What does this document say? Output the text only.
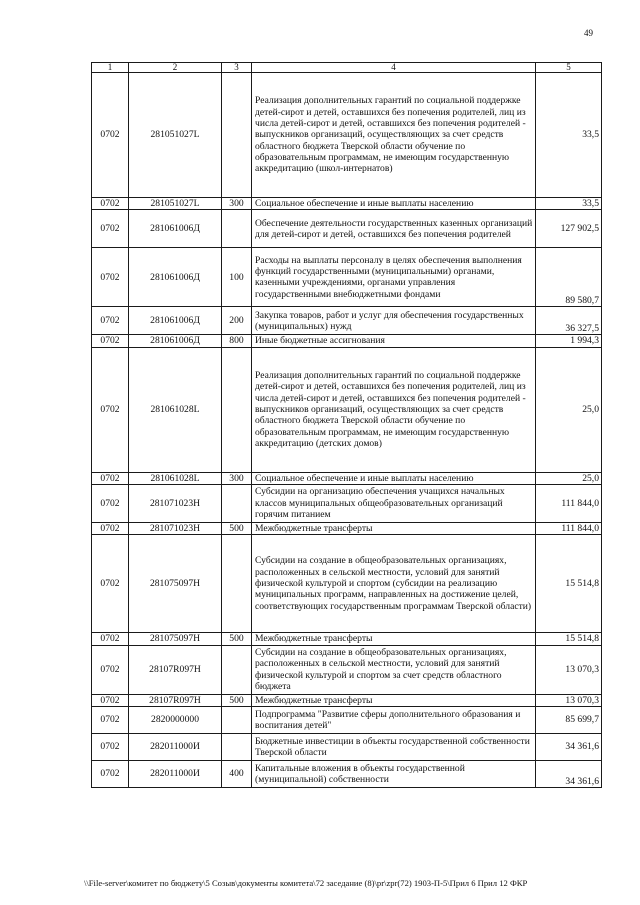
49
1	2	3	4	5
0702	281051027L		Реализация дополнительных гарантий по социальной поддержке детей-сирот и детей, оставшихся без попечения родителей, лиц из числа детей-сирот и детей, оставшихся без попечения родителей - выпускников организаций, осуществляющих за счет средств областного бюджета Тверской области обучение по образовательным программам, не имеющим государственную аккредитацию (школ-интернатов)	33,5
0702	281051027L	300	Социальное обеспечение и иные выплаты населению	33,5
0702	281061006Д		Обеспечение деятельности государственных казенных организаций для детей-сирот и детей, оставшихся без попечения родителей	127 902,5
0702	281061006Д	100	Расходы на выплаты персоналу в целях обеспечения выполнения функций государственными (муниципальными) органами, казенными учреждениями, органами управления государственными внебюджетными фондами	89 580,7
0702	281061006Д	200	Закупка товаров, работ и услуг для обеспечения государственных (муниципальных) нужд	36 327,5
0702	281061006Д	800	Иные бюджетные ассигнования	1 994,3
0702	281061028L		Реализация дополнительных гарантий по социальной поддержке детей-сирот и детей, оставшихся без попечения родителей, лиц из числа детей-сирот и детей, оставшихся без попечения родителей - выпускников организаций, осуществляющих за счет средств областного бюджета Тверской области обучение по образовательным программам, не имеющим государственную аккредитацию (детских домов)	25,0
0702	281061028L	300	Социальное обеспечение и иные выплаты населению	25,0
0702	281071023Н		Субсидии на организацию обеспечения учащихся начальных классов муниципальных общеобразовательных организаций горячим питанием	111 844,0
0702	281071023Н	500	Межбюджетные трансферты	111 844,0
0702	281075097Н		Субсидии на создание в общеобразовательных организациях, расположенных в сельской местности, условий для занятий физической культурой и спортом (субсидии на реализацию муниципальных программ, направленных на достижение целей, соответствующих государственным программам Тверской области)	15 514,8
0702	281075097Н	500	Межбюджетные трансферты	15 514,8
0702	28107R097Н		Субсидии на создание в общеобразовательных организациях, расположенных в сельской местности, условий для занятий физической культурой и спортом за счет средств областного бюджета	13 070,3
0702	28107R097Н	500	Межбюджетные трансферты	13 070,3
0702	2820000000		Подпрограмма "Развитие сферы дополнительного образования и воспитания детей"	85 699,7
0702	282011000И		Бюджетные инвестиции в объекты государственной собственности Тверской области	34 361,6
0702	282011000И	400	Капитальные вложения в объекты государственной (муниципальной) собственности	34 361,6
\\File-server\комитет по бюджету\5 Созыв\документы комитета\72 заседание (8)\pr\zpr(72) 1903-П-5\Прил 6 Прил 12 ФКР
